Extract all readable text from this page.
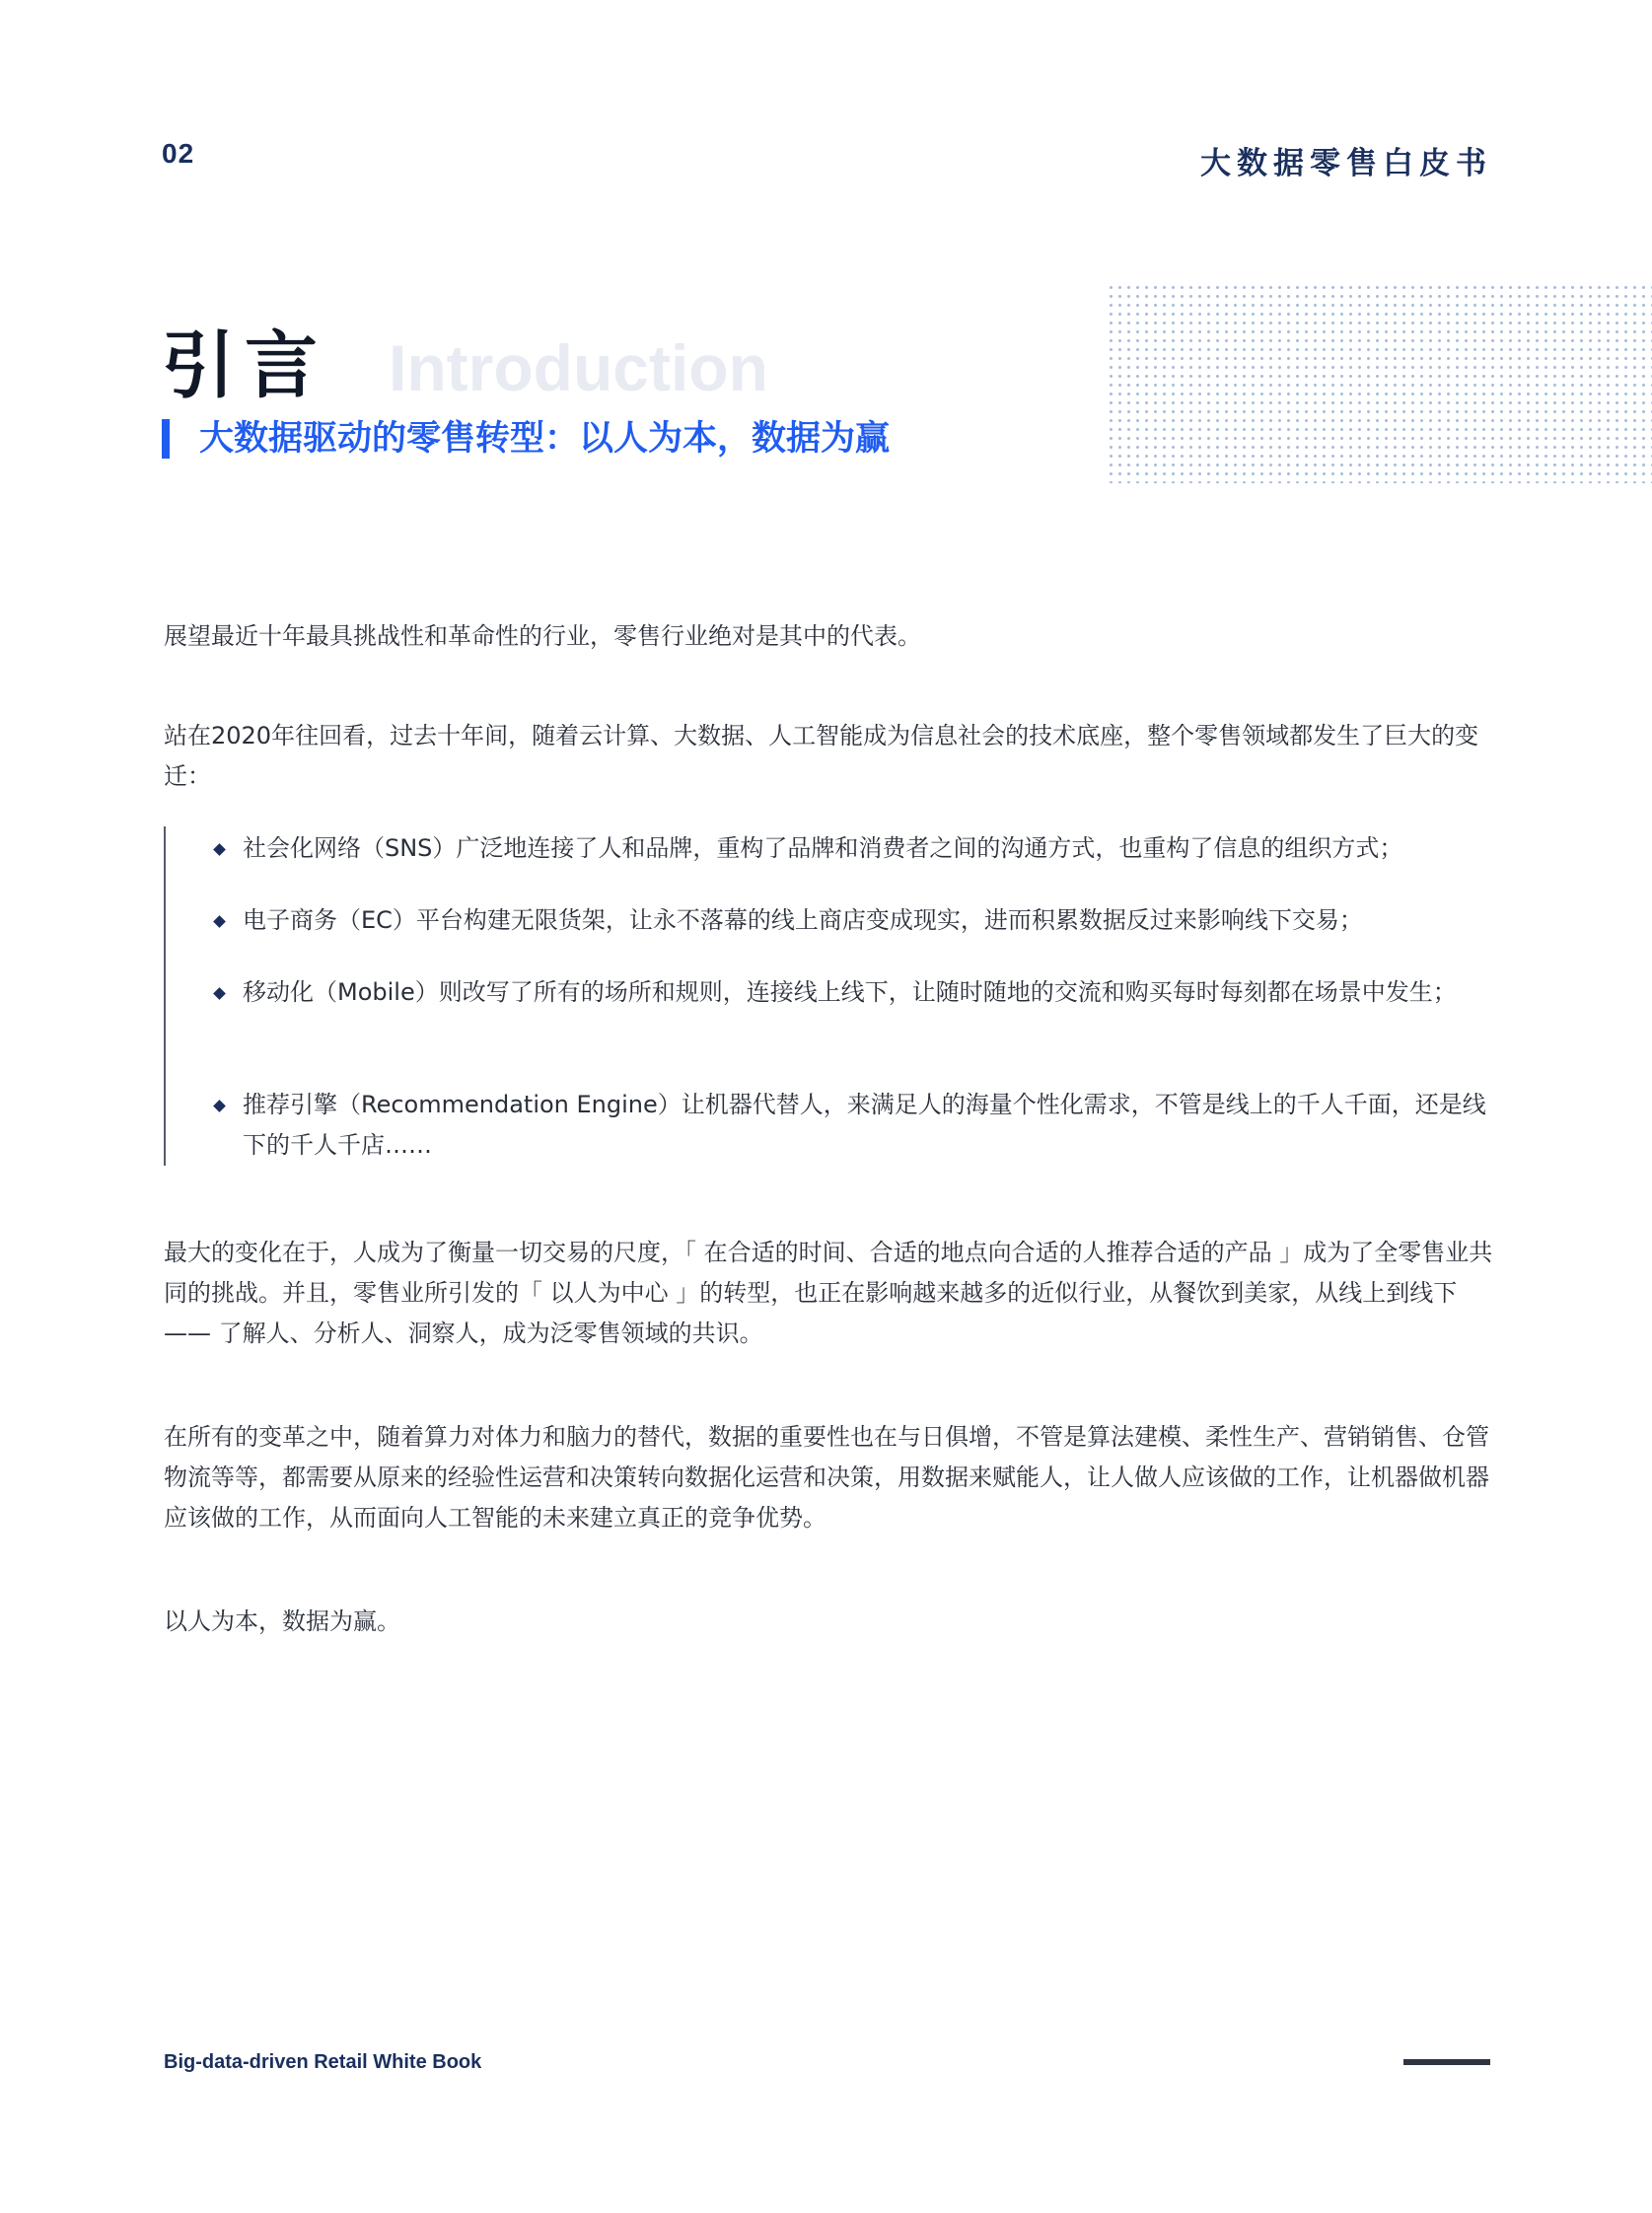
02	大数据零售白皮书
引言 Introduction
大数据驱动的零售转型：以人为本，数据为赢

展望最近十年最具挑战性和革命性的行业，零售行业绝对是其中的代表。

站在2020年往回看，过去十年间，随着云计算、大数据、人工智能成为信息社会的技术底座，整个零售领域都发生了巨大的变迁：

社会化网络（SNS）广泛地连接了人和品牌，重构了品牌和消费者之间的沟通方式，也重构了信息的组织方式；
电子商务（EC）平台构建无限货架，让永不落幕的线上商店变成现实，进而积累数据反过来影响线下交易；
移动化（Mobile）则改写了所有的场所和规则，连接线上线下，让随时随地的交流和购买每时每刻都在场景中发生；
推荐引擎（Recommendation Engine）让机器代替人，来满足人的海量个性化需求，不管是线上的千人千面，还是线下的千人千店……

最大的变化在于，人成为了衡量一切交易的尺度，「 在合适的时间、合适的地点向合适的人推荐合适的产品 」成为了全零售业共同的挑战。并且，零售业所引发的「 以人为中心 」的转型，也正在影响越来越多的近似行业，从餐饮到美家，从线上到线下 —— 了解人、分析人、洞察人，成为泛零售领域的共识。

在所有的变革之中，随着算力对体力和脑力的替代，数据的重要性也在与日俱增，不管是算法建模、柔性生产、营销销售、仓管物流等等，都需要从原来的经验性运营和决策转向数据化运营和决策，用数据来赋能人，让人做人应该做的工作，让机器做机器应该做的工作，从而面向人工智能的未来建立真正的竞争优势。

以人为本，数据为赢。

Big-data-driven Retail White Book
